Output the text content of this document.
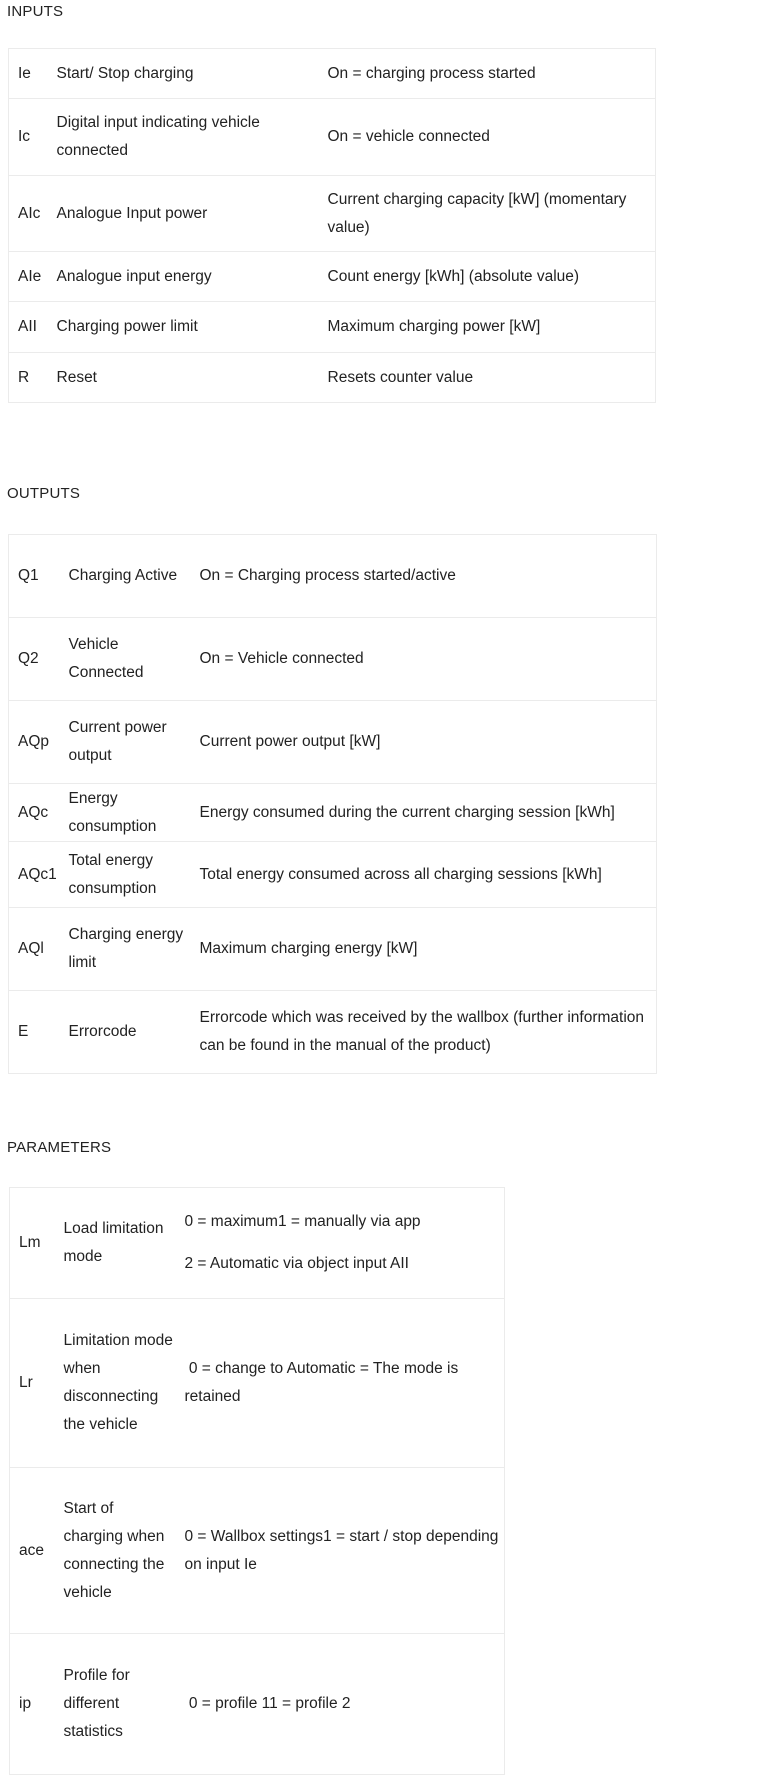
INPUTS
Ie	Start/ Stop charging	On = charging process started
Ic	Digital input indicating vehicle connected	On = vehicle connected
AIc	Analogue Input power	Current charging capacity [kW] (momentary value)
AIe	Analogue input energy	Count energy [kWh] (absolute value)
AII	Charging power limit	Maximum charging power [kW]
R	Reset	Resets counter value
OUTPUTS
Q1	Charging Active	On = Charging process started/active
Q2	Vehicle Connected	On = Vehicle connected
AQp	Current power output	Current power output [kW]
AQc	Energy consumption	Energy consumed during the current charging session [kWh]
AQc1	Total energy consumption	Total energy consumed across all charging sessions [kWh]
AQl	Charging energy limit	Maximum charging energy [kW]
E	Errorcode	Errorcode which was received by the wallbox (further information can be found in the manual of the product)
PARAMETERS
Lm	Load limitation mode	0 = maximum1 = manually via app
2 = Automatic via object input AII

Lr	Limitation mode when disconnecting the vehicle	0 = change to Automatic = The mode is retained

ace	Start of charging when connecting the vehicle	0 = Wallbox settings1 = start / stop depending on input Ie

ip	Profile for different statistics	0 = profile 11 = profile 2
